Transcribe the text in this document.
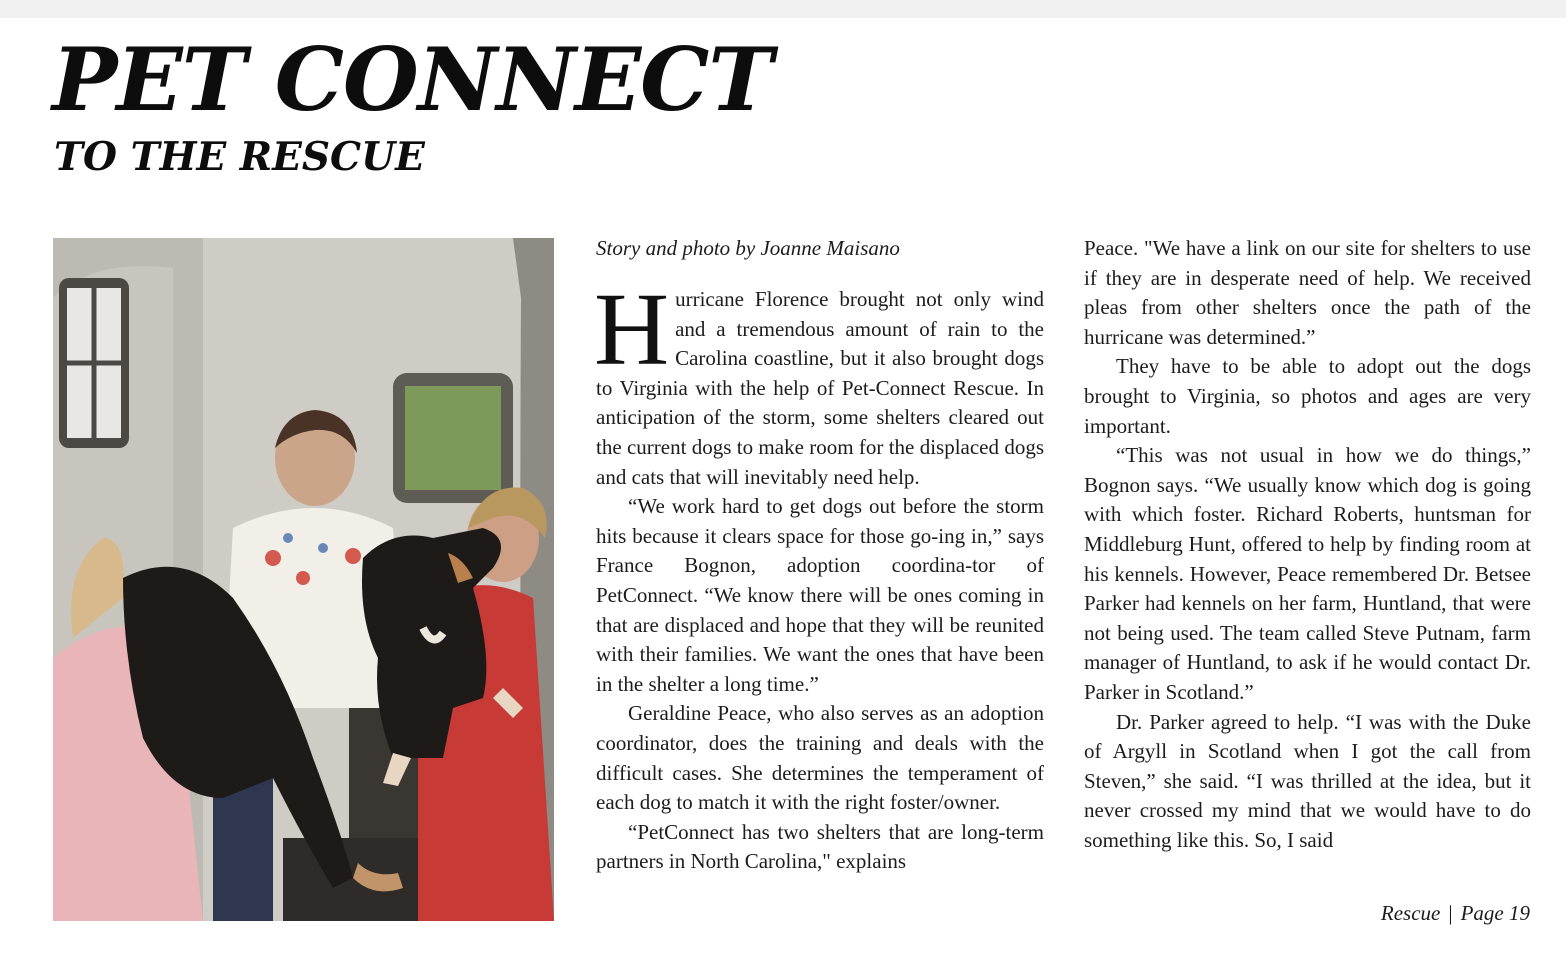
PET CONNECT
TO THE RESCUE
Story and photo by Joanne Maisano

Hurricane Florence brought not only wind and a tremendous amount of rain to the Carolina coastline, but it also brought dogs to Virginia with the help of Pet-Connect Rescue. In anticipation of the storm, some shelters cleared out the current dogs to make room for the displaced dogs and cats that will inevitably need help.

“We work hard to get dogs out before the storm hits because it clears space for those go-ing in,” says France Bognon, adoption coordina-tor of PetConnect. “We know there will be ones coming in that are displaced and hope that they will be reunited with their families. We want the ones that have been in the shelter a long time.”

Geraldine Peace, who also serves as an adoption coordinator, does the training and deals with the difficult cases. She determines the temperament of each dog to match it with the right foster/owner.

“PetConnect has two shelters that are long-term partners in North Carolina," explains

Peace. "We have a link on our site for shelters to use if they are in desperate need of help. We received pleas from other shelters once the path of the hurricane was determined.”

They have to be able to adopt out the dogs brought to Virginia, so photos and ages are very important.

“This was not usual in how we do things,” Bognon says. “We usually know which dog is going with which foster. Richard Roberts, huntsman for Middleburg Hunt, offered to help by finding room at his kennels. However, Peace remembered Dr. Betsee Parker had kennels on her farm, Huntland, that were not being used. The team called Steve Putnam, farm manager of Huntland, to ask if he would contact Dr. Parker in Scotland.”

Dr. Parker agreed to help. “I was with the Duke of Argyll in Scotland when I got the call from Steven,” she said. “I was thrilled at the idea, but it never crossed my mind that we would have to do something like this. So, I said

Rescue | Page 19
